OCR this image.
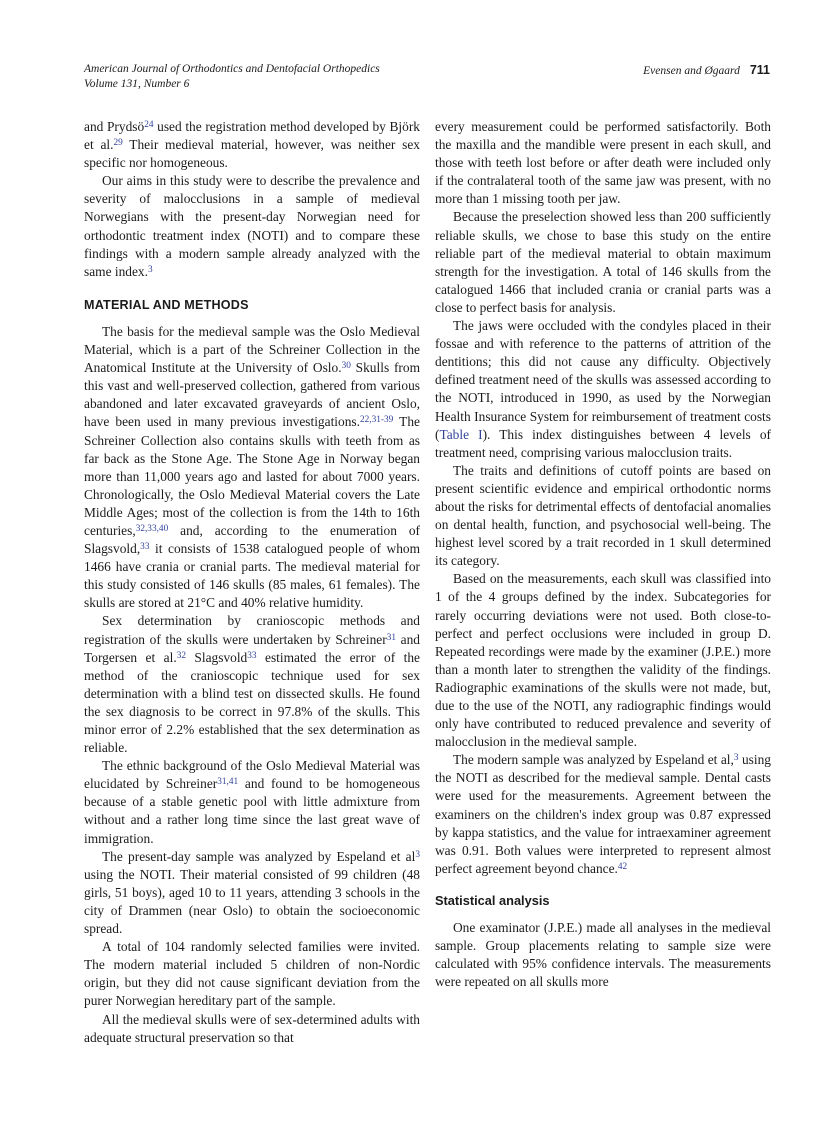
American Journal of Orthodontics and Dentofacial Orthopedics
Volume 131, Number 6
Evensen and Øgaard 711

and Prydsö$^{24}$ used the registration method developed by Björk et al.$^{29}$ Their medieval material, however, was neither sex specific nor homogeneous.

Our aims in this study were to describe the prevalence and severity of malocclusions in a sample of medieval Norwegians with the present-day Norwegian need for orthodontic treatment index (NOTI) and to compare these findings with a modern sample already analyzed with the same index.$^3$

MATERIAL AND METHODS

The basis for the medieval sample was the Oslo Medieval Material, which is a part of the Schreiner Collection in the Anatomical Institute at the University of Oslo.$^{30}$ Skulls from this vast and well-preserved collection, gathered from various abandoned and later excavated graveyards of ancient Oslo, have been used in many previous investigations.$^{22,31-39}$ The Schreiner Collection also contains skulls with teeth from as far back as the Stone Age. The Stone Age in Norway began more than 11,000 years ago and lasted for about 7000 years. Chronologically, the Oslo Medieval Material covers the Late Middle Ages; most of the collection is from the 14th to 16th centuries,$^{32,33,40}$ and, according to the enumeration of Slagsvold,$^{33}$ it consists of 1538 catalogued people of whom 1466 have crania or cranial parts. The medieval material for this study consisted of 146 skulls (85 males, 61 females). The skulls are stored at 21°C and 40% relative humidity.

Sex determination by cranioscopic methods and registration of the skulls were undertaken by Schreiner$^{31}$ and Torgersen et al.$^{32}$ Slagsvold$^{33}$ estimated the error of the method of the cranioscopic technique used for sex determination with a blind test on dissected skulls. He found the sex diagnosis to be correct in 97.8% of the skulls. This minor error of 2.2% established that the sex determination as reliable.

The ethnic background of the Oslo Medieval Material was elucidated by Schreiner$^{31,41}$ and found to be homogeneous because of a stable genetic pool with little admixture from without and a rather long time since the last great wave of immigration.

The present-day sample was analyzed by Espeland et al$^3$ using the NOTI. Their material consisted of 99 children (48 girls, 51 boys), aged 10 to 11 years, attending 3 schools in the city of Drammen (near Oslo) to obtain the socioeconomic spread.

A total of 104 randomly selected families were invited. The modern material included 5 children of non-Nordic origin, but they did not cause significant deviation from the purer Norwegian hereditary part of the sample.

All the medieval skulls were of sex-determined adults with adequate structural preservation so that

every measurement could be performed satisfactorily. Both the maxilla and the mandible were present in each skull, and those with teeth lost before or after death were included only if the contralateral tooth of the same jaw was present, with no more than 1 missing tooth per jaw.

Because the preselection showed less than 200 sufficiently reliable skulls, we chose to base this study on the entire reliable part of the medieval material to obtain maximum strength for the investigation. A total of 146 skulls from the catalogued 1466 that included crania or cranial parts was a close to perfect basis for analysis.

The jaws were occluded with the condyles placed in their fossae and with reference to the patterns of attrition of the dentitions; this did not cause any difficulty. Objectively defined treatment need of the skulls was assessed according to the NOTI, introduced in 1990, as used by the Norwegian Health Insurance System for reimbursement of treatment costs (Table I). This index distinguishes between 4 levels of treatment need, comprising various malocclusion traits.

The traits and definitions of cutoff points are based on present scientific evidence and empirical orthodontic norms about the risks for detrimental effects of dentofacial anomalies on dental health, function, and psychosocial well-being. The highest level scored by a trait recorded in 1 skull determined its category.

Based on the measurements, each skull was classified into 1 of the 4 groups defined by the index. Subcategories for rarely occurring deviations were not used. Both close-to-perfect and perfect occlusions were included in group D. Repeated recordings were made by the examiner (J.P.E.) more than a month later to strengthen the validity of the findings. Radiographic examinations of the skulls were not made, but, due to the use of the NOTI, any radiographic findings would only have contributed to reduced prevalence and severity of malocclusion in the medieval sample.

The modern sample was analyzed by Espeland et al,$^3$ using the NOTI as described for the medieval sample. Dental casts were used for the measurements. Agreement between the examiners on the children's index group was 0.87 expressed by kappa statistics, and the value for intraexaminer agreement was 0.91. Both values were interpreted to represent almost perfect agreement beyond chance.$^{42}$

Statistical analysis

One examinator (J.P.E.) made all analyses in the medieval sample. Group placements relating to sample size were calculated with 95% confidence intervals. The measurements were repeated on all skulls more
